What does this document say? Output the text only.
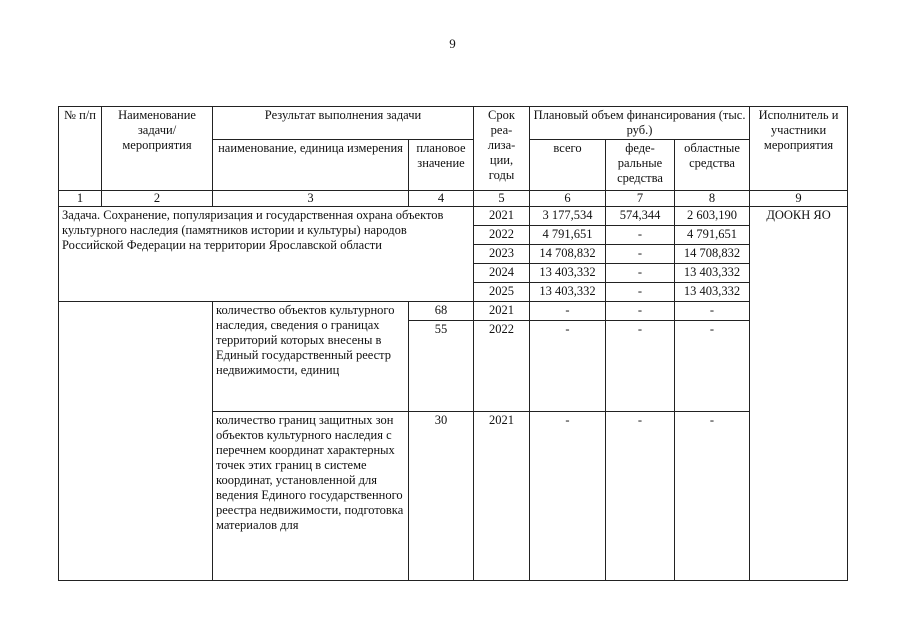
9
№ п/п	Наименование задачи/ мероприятия	Результат выполнения задачи		Срок реа- лиза- ции, годы	Плановый объем финансирования (тыс. руб.)			Исполнитель и участники мероприятия
		наименование, единица измерения	плановое значение		всего	феде- ральные средства	областные средства	
1	2	3	4	5	6	7	8	9
Задача. Сохранение, популяризация и государственная охрана объектов культурного наследия (памятников истории и культуры) народов Российской Федерации на территории Ярославской области				2021	3 177,534	574,344	2 603,190	ДООКН ЯО
				2022	4 791,651	-	4 791,651	
				2023	14 708,832	-	14 708,832	
				2024	13 403,332	-	13 403,332	
				2025	13 403,332	-	13 403,332	
		количество объектов культурного наследия, сведения о границах территорий которых внесены в Единый государственный реестр недвижимости, единиц	68	2021	-	-	-	
			55	2022	-	-	-	
		количество границ защитных зон объектов культурного наследия с перечнем координат характерных точек этих границ в системе координат, установленной для ведения Единого государственного реестра недвижимости, подготовка материалов для	30	2021	-	-	-	
